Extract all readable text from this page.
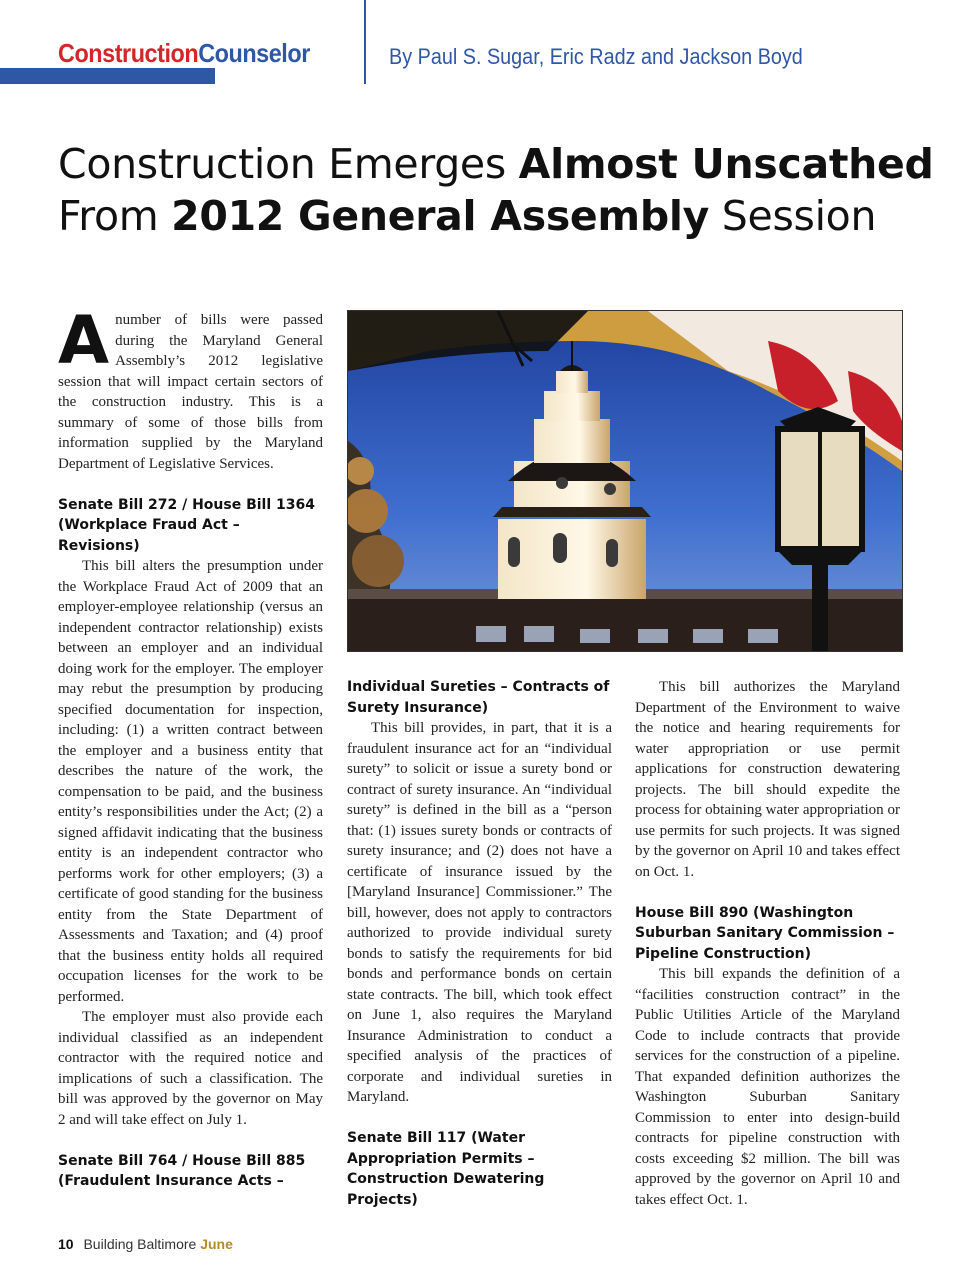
ConstructionCounselor	By Paul S. Sugar, Eric Radz and Jackson Boyd
Construction Emerges Almost Unscathed
From 2012 General Assembly Session

Anumber of bills were passed during the Maryland General Assembly’s 2012 legislative session that will impact certain sectors of the construction industry. This is a summary of some of those bills from information supplied by the Maryland Department of Legislative Services.

Senate Bill 272 / House Bill 1364 (Workplace Fraud Act – Revisions)

This bill alters the presumption under the Workplace Fraud Act of 2009 that an employer-employee relationship (versus an independent contractor relationship) exists between an employer and an individual doing work for the employer. The employer may rebut the presumption by producing specified documentation for inspection, including: (1) a written contract between the employer and a business entity that describes the nature of the work, the compensation to be paid, and the business entity’s responsibilities under the Act; (2) a signed affidavit indicating that the business entity is an independent contractor who performs work for other employers; (3) a certificate of good standing for the business entity from the State Department of Assessments and Taxation; and (4) proof that the business entity holds all required occupation licenses for the work to be performed.

The employer must also provide each individual classified as an independent contractor with the required notice and implications of such a classification. The bill was approved by the governor on May 2 and will take effect on July 1.

Senate Bill 764 / House Bill 885 (Fraudulent Insurance Acts –
Individual Sureties – Contracts of Surety Insurance)

This bill provides, in part, that it is a fraudulent insurance act for an “individual surety” to solicit or issue a surety bond or contract of surety insurance. An “individual surety” is defined in the bill as a “person that: (1) issues surety bonds or contracts of surety insurance; and (2) does not have a certificate of insurance issued by the [Maryland Insurance] Commissioner.” The bill, however, does not apply to contractors authorized to provide individual surety bonds to satisfy the requirements for bid bonds and performance bonds on certain state contracts. The bill, which took effect on June 1, also requires the Maryland Insurance Administration to conduct a specified analysis of the practices of corporate and individual sureties in Maryland.

Senate Bill 117 (Water Appropriation Permits – Construction Dewatering Projects)

This bill authorizes the Maryland Department of the Environment to waive the notice and hearing requirements for water appropriation or use permit applications for construction dewatering projects. The bill should expedite the process for obtaining water appropriation or use permits for such projects. It was signed by the governor on April 10 and takes effect on Oct. 1.

House Bill 890 (Washington Suburban Sanitary Commission – Pipeline Construction)

This bill expands the definition of a “facilities construction contract” in the Public Utilities Article of the Maryland Code to include contracts that provide services for the construction of a pipeline. That expanded definition authorizes the Washington Suburban Sanitary Commission to enter into design-build contracts for pipeline construction with costs exceeding $2 million. The bill was approved by the governor on April 10 and takes effect Oct. 1.

10 Building Baltimore June
